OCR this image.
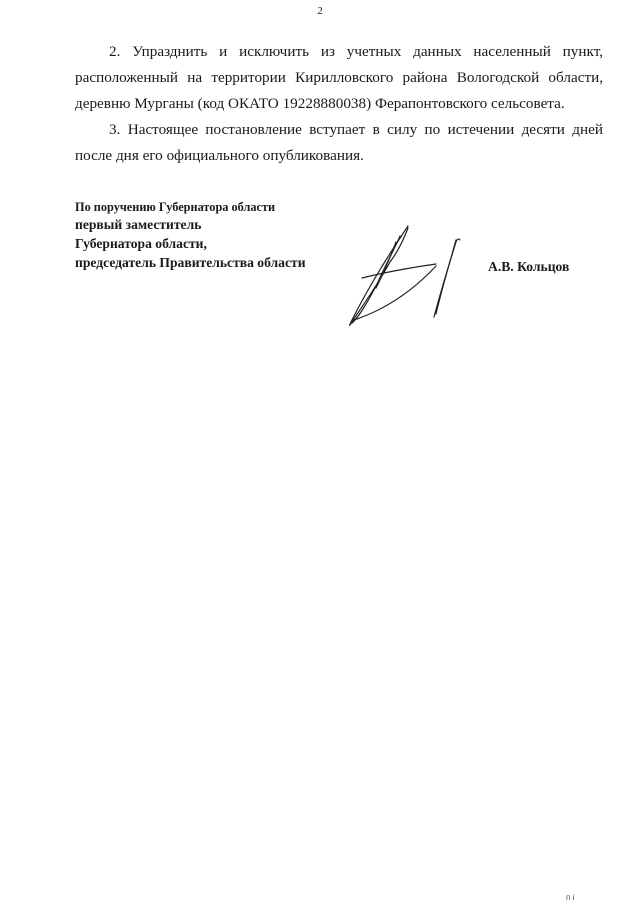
2

2. Упразднить и исключить из учетных данных населенный пункт, расположенный на территории Кирилловского района Вологодской области, деревню Мурганы (код ОКАТО 19228880038) Ферапонтовского сельсовета.

3. Настоящее постановление вступает в силу по истечении десяти дней после дня его официального опубликования.

По поручению Губернатора области

первый заместитель

Губернатора области,

председатель Правительства области	А.В. Кольцов

п і
